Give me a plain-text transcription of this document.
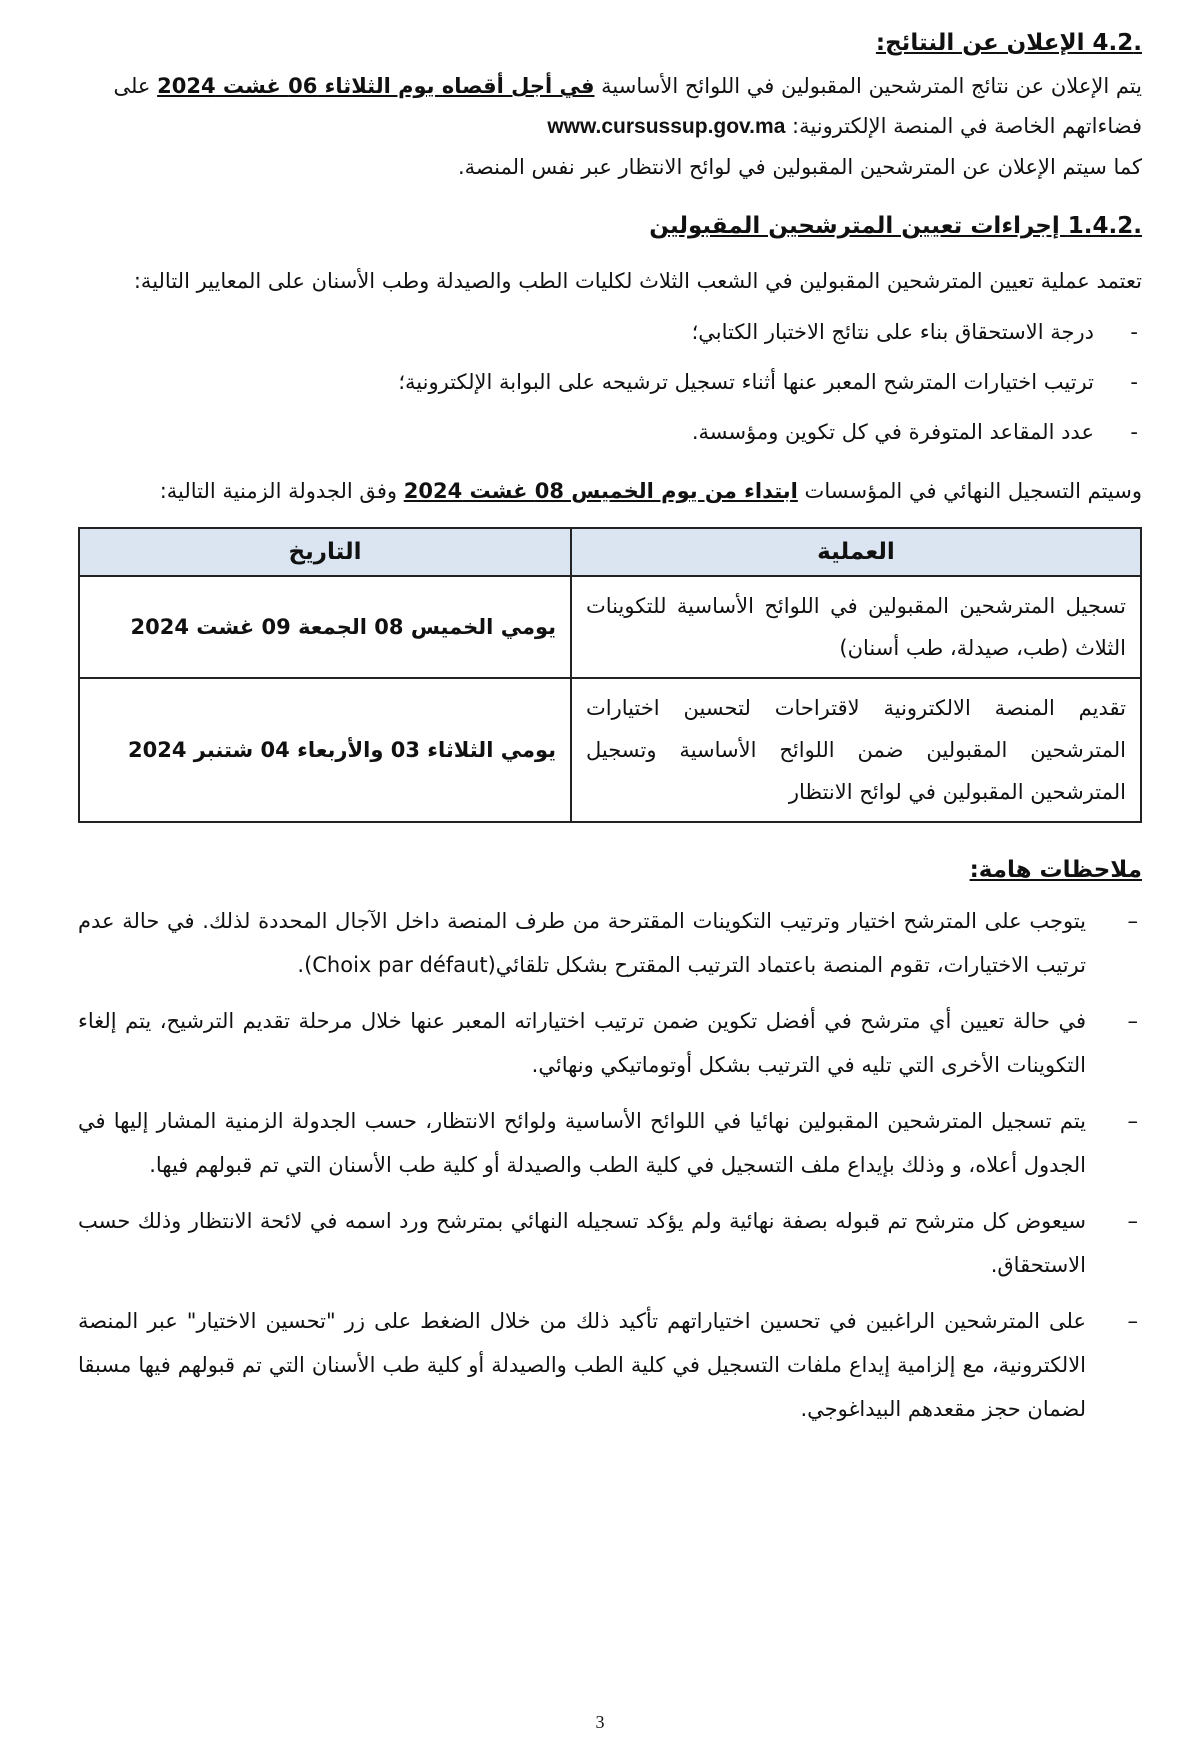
.4.2 الإعلان عن النتائج:

يتم الإعلان عن نتائج المترشحين المقبولين في اللوائح الأساسية في أجل أقصاه يوم الثلاثاء 06 غشت 2024 على فضاءاتهم الخاصة في المنصة الإلكترونية: www.cursussup.gov.ma

كما سيتم الإعلان عن المترشحين المقبولين في لوائح الانتظار عبر نفس المنصة.

.1.4.2 إجراءات تعيين المترشحين المقبولين

تعتمد عملية تعيين المترشحين المقبولين في الشعب الثلاث لكليات الطب والصيدلة وطب الأسنان على المعايير التالية:

-
درجة الاستحقاق بناء على نتائج الاختبار الكتابي؛
-
ترتيب اختيارات المترشح المعبر عنها أثناء تسجيل ترشيحه على البوابة الإلكترونية؛
-
عدد المقاعد المتوفرة في كل تكوين ومؤسسة.

وسيتم التسجيل النهائي في المؤسسات ابتداء من يوم الخميس 08 غشت 2024 وفق الجدولة الزمنية التالية:

العملية	التاريخ
تسجيل المترشحين المقبولين في اللوائح الأساسية للتكوينات الثلاث (طب، صيدلة، طب أسنان)	يومي الخميس 08 الجمعة 09 غشت 2024
تقديم المنصة الالكترونية لاقتراحات لتحسين اختيارات المترشحين المقبولين ضمن اللوائح الأساسية وتسجيل المترشحين المقبولين في لوائح الانتظار	يومي الثلاثاء 03 والأربعاء 04 شتنبر 2024
ملاحظات هامة:
–
يتوجب على المترشح اختيار وترتيب التكوينات المقترحة من طرف المنصة داخل الآجال المحددة لذلك. في حالة عدم ترتيب الاختيارات، تقوم المنصة باعتماد الترتيب المقترح بشكل تلقائي(Choix par défaut).
–
في حالة تعيين أي مترشح في أفضل تكوين ضمن ترتيب اختياراته المعبر عنها خلال مرحلة تقديم الترشيح، يتم إلغاء التكوينات الأخرى التي تليه في الترتيب بشكل أوتوماتيكي ونهائي.
–
يتم تسجيل المترشحين المقبولين نهائيا في اللوائح الأساسية ولوائح الانتظار، حسب الجدولة الزمنية المشار إليها في الجدول أعلاه، و وذلك بإيداع ملف التسجيل في كلية الطب والصيدلة أو كلية طب الأسنان التي تم قبولهم فيها.
–
سيعوض كل مترشح تم قبوله بصفة نهائية ولم يؤكد تسجيله النهائي بمترشح ورد اسمه في لائحة الانتظار وذلك حسب الاستحقاق.
–
على المترشحين الراغبين في تحسين اختياراتهم تأكيد ذلك من خلال الضغط على زر "تحسين الاختيار" عبر المنصة الالكترونية، مع إلزامية إيداع ملفات التسجيل في كلية الطب والصيدلة أو كلية طب الأسنان التي تم قبولهم فيها مسبقا لضمان حجز مقعدهم البيداغوجي.
3
